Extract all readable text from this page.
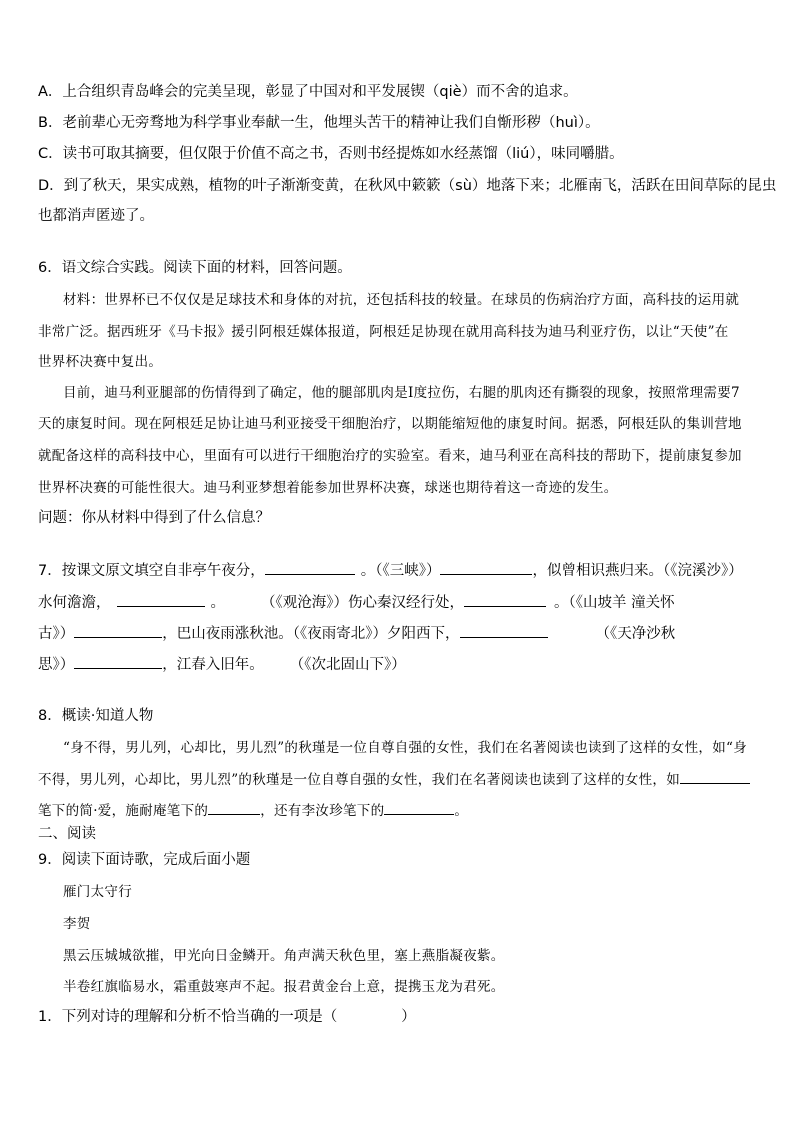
A．上合组织青岛峰会的完美呈现，彰显了中国对和平发展锲（qiè）而不舍的追求。
B．老前辈心无旁骛地为科学事业奉献一生，他埋头苦干的精神让我们自惭形秽（huì）。
C．读书可取其摘要，但仅限于价值不高之书，否则书经提炼如水经蒸馏（liú），味同嚼腊。
D．到了秋天，果实成熟，植物的叶子渐渐变黄，在秋风中簌簌（sù）地落下来；北雁南飞，活跃在田间草际的昆虫
也都消声匿迹了。
6．语文综合实践。阅读下面的材料，回答问题。
材料：世界杯已不仅仅是足球技术和身体的对抗，还包括科技的较量。在球员的伤病治疗方面，高科技的运用就
非常广泛。据西班牙《马卡报》援引阿根廷媒体报道，阿根廷足协现在就用高科技为迪马利亚疗伤，以让“天使”在
世界杯决赛中复出。
目前，迪马利亚腿部的伤情得到了确定，他的腿部肌肉是Ⅰ度拉伤，右腿的肌肉还有撕裂的现象，按照常理需要7
天的康复时间。现在阿根廷足协让迪马利亚接受干细胞治疗，以期能缩短他的康复时间。据悉，阿根廷队的集训营地
就配备这样的高科技中心，里面有可以进行干细胞治疗的实验室。看来，迪马利亚在高科技的帮助下，提前康复参加
世界杯决赛的可能性很大。迪马利亚梦想着能参加世界杯决赛，球迷也期待着这一奇迹的发生。
问题：你从材料中得到了什么信息？
7．按课文原文填空自非亭午夜分，	。（《三峡》）	，似曾相识燕归来。（《浣溪沙》）
水何澹澹，	。 （《观沧海》）伤心秦汉经行处，	。（《山坡羊 潼关怀
古》）	，巴山夜雨涨秋池。（《夜雨寄北》）夕阳西下，	（《天净沙秋
思》）	，江春入旧年。 （《次北固山下》）
8．概读·知道人物
“身不得，男儿列，心却比，男儿烈”的秋瑾是一位自尊自强的女性，我们在名著阅读也读到了这样的女性，如“身
不得，男儿列，心却比，男儿烈”的秋瑾是一位自尊自强的女性，我们在名著阅读也读到了这样的女性，如
笔下的简·爱，施耐庵笔下的	，还有李汝珍笔下的	。
二、阅读
9．阅读下面诗歌，完成后面小题
雁门太守行
李贺
黑云压城城欲摧，甲光向日金鳞开。角声满天秋色里，塞上燕脂凝夜紫。
半卷红旗临易水，霜重鼓寒声不起。报君黄金台上意，提携玉龙为君死。
1．下列对诗的理解和分析不恰当确的一项是（	）
